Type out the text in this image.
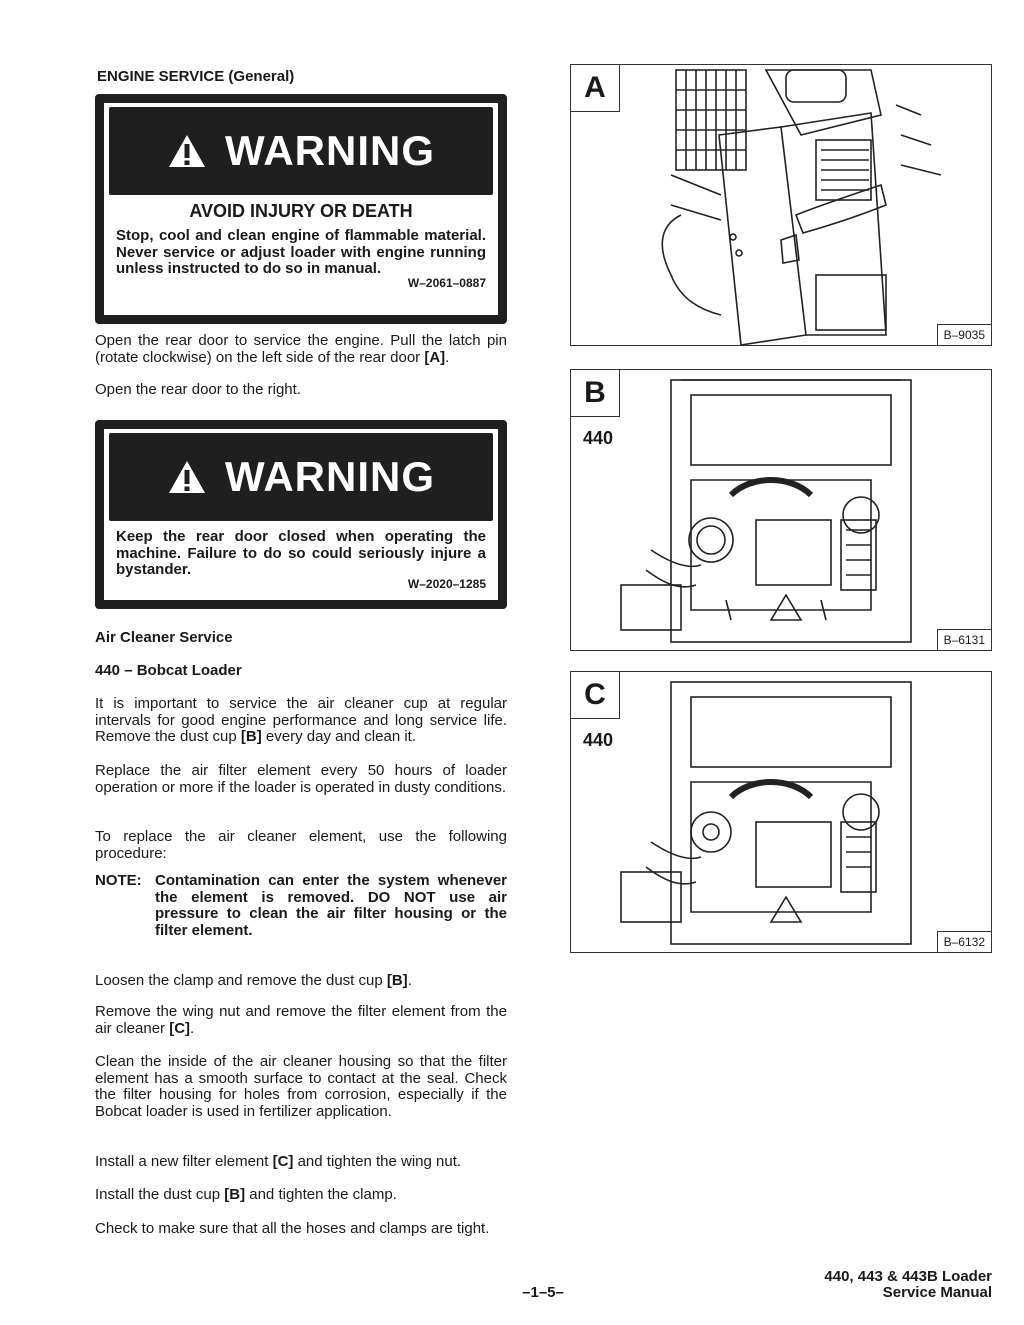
ENGINE SERVICE (General)
WARNING
AVOID INJURY OR DEATH
Stop, cool and clean engine of flammable material. Never service or adjust loader with engine running unless instructed to do so in manual.
W–2061–0887
Open the rear door to service the engine. Pull the latch pin (rotate clockwise) on the left side of the rear door [A].
Open the rear door to the right.
WARNING
Keep the rear door closed when operating the machine. Failure to do so could seriously injure a bystander.
W–2020–1285
Air Cleaner Service
440 – Bobcat Loader
It is important to service the air cleaner cup at regular intervals for good engine performance and long service life. Remove the dust cup [B] every day and clean it.
Replace the air filter element every 50 hours of loader operation or more if the loader is operated in dusty conditions.
To replace the air cleaner element, use the following procedure:
NOTE: Contamination can enter the system whenever the element is removed. DO NOT use air pressure to clean the air filter housing or the filter element.
Loosen the clamp and remove the dust cup [B].
Remove the wing nut and remove the filter element from the air cleaner [C].
Clean the inside of the air cleaner housing so that the filter element has a smooth surface to contact at the seal. Check the filter housing for holes from corrosion, especially if the Bobcat loader is used in fertilizer application.
Install a new filter element [C] and tighten the wing nut.
Install the dust cup [B] and tighten the clamp.
Check to make sure that all the hoses and clamps are tight.
A
B–9035
B
440
B–6131
C
440
B–6132
–1–5–
440, 443 & 443B Loader
Service Manual
